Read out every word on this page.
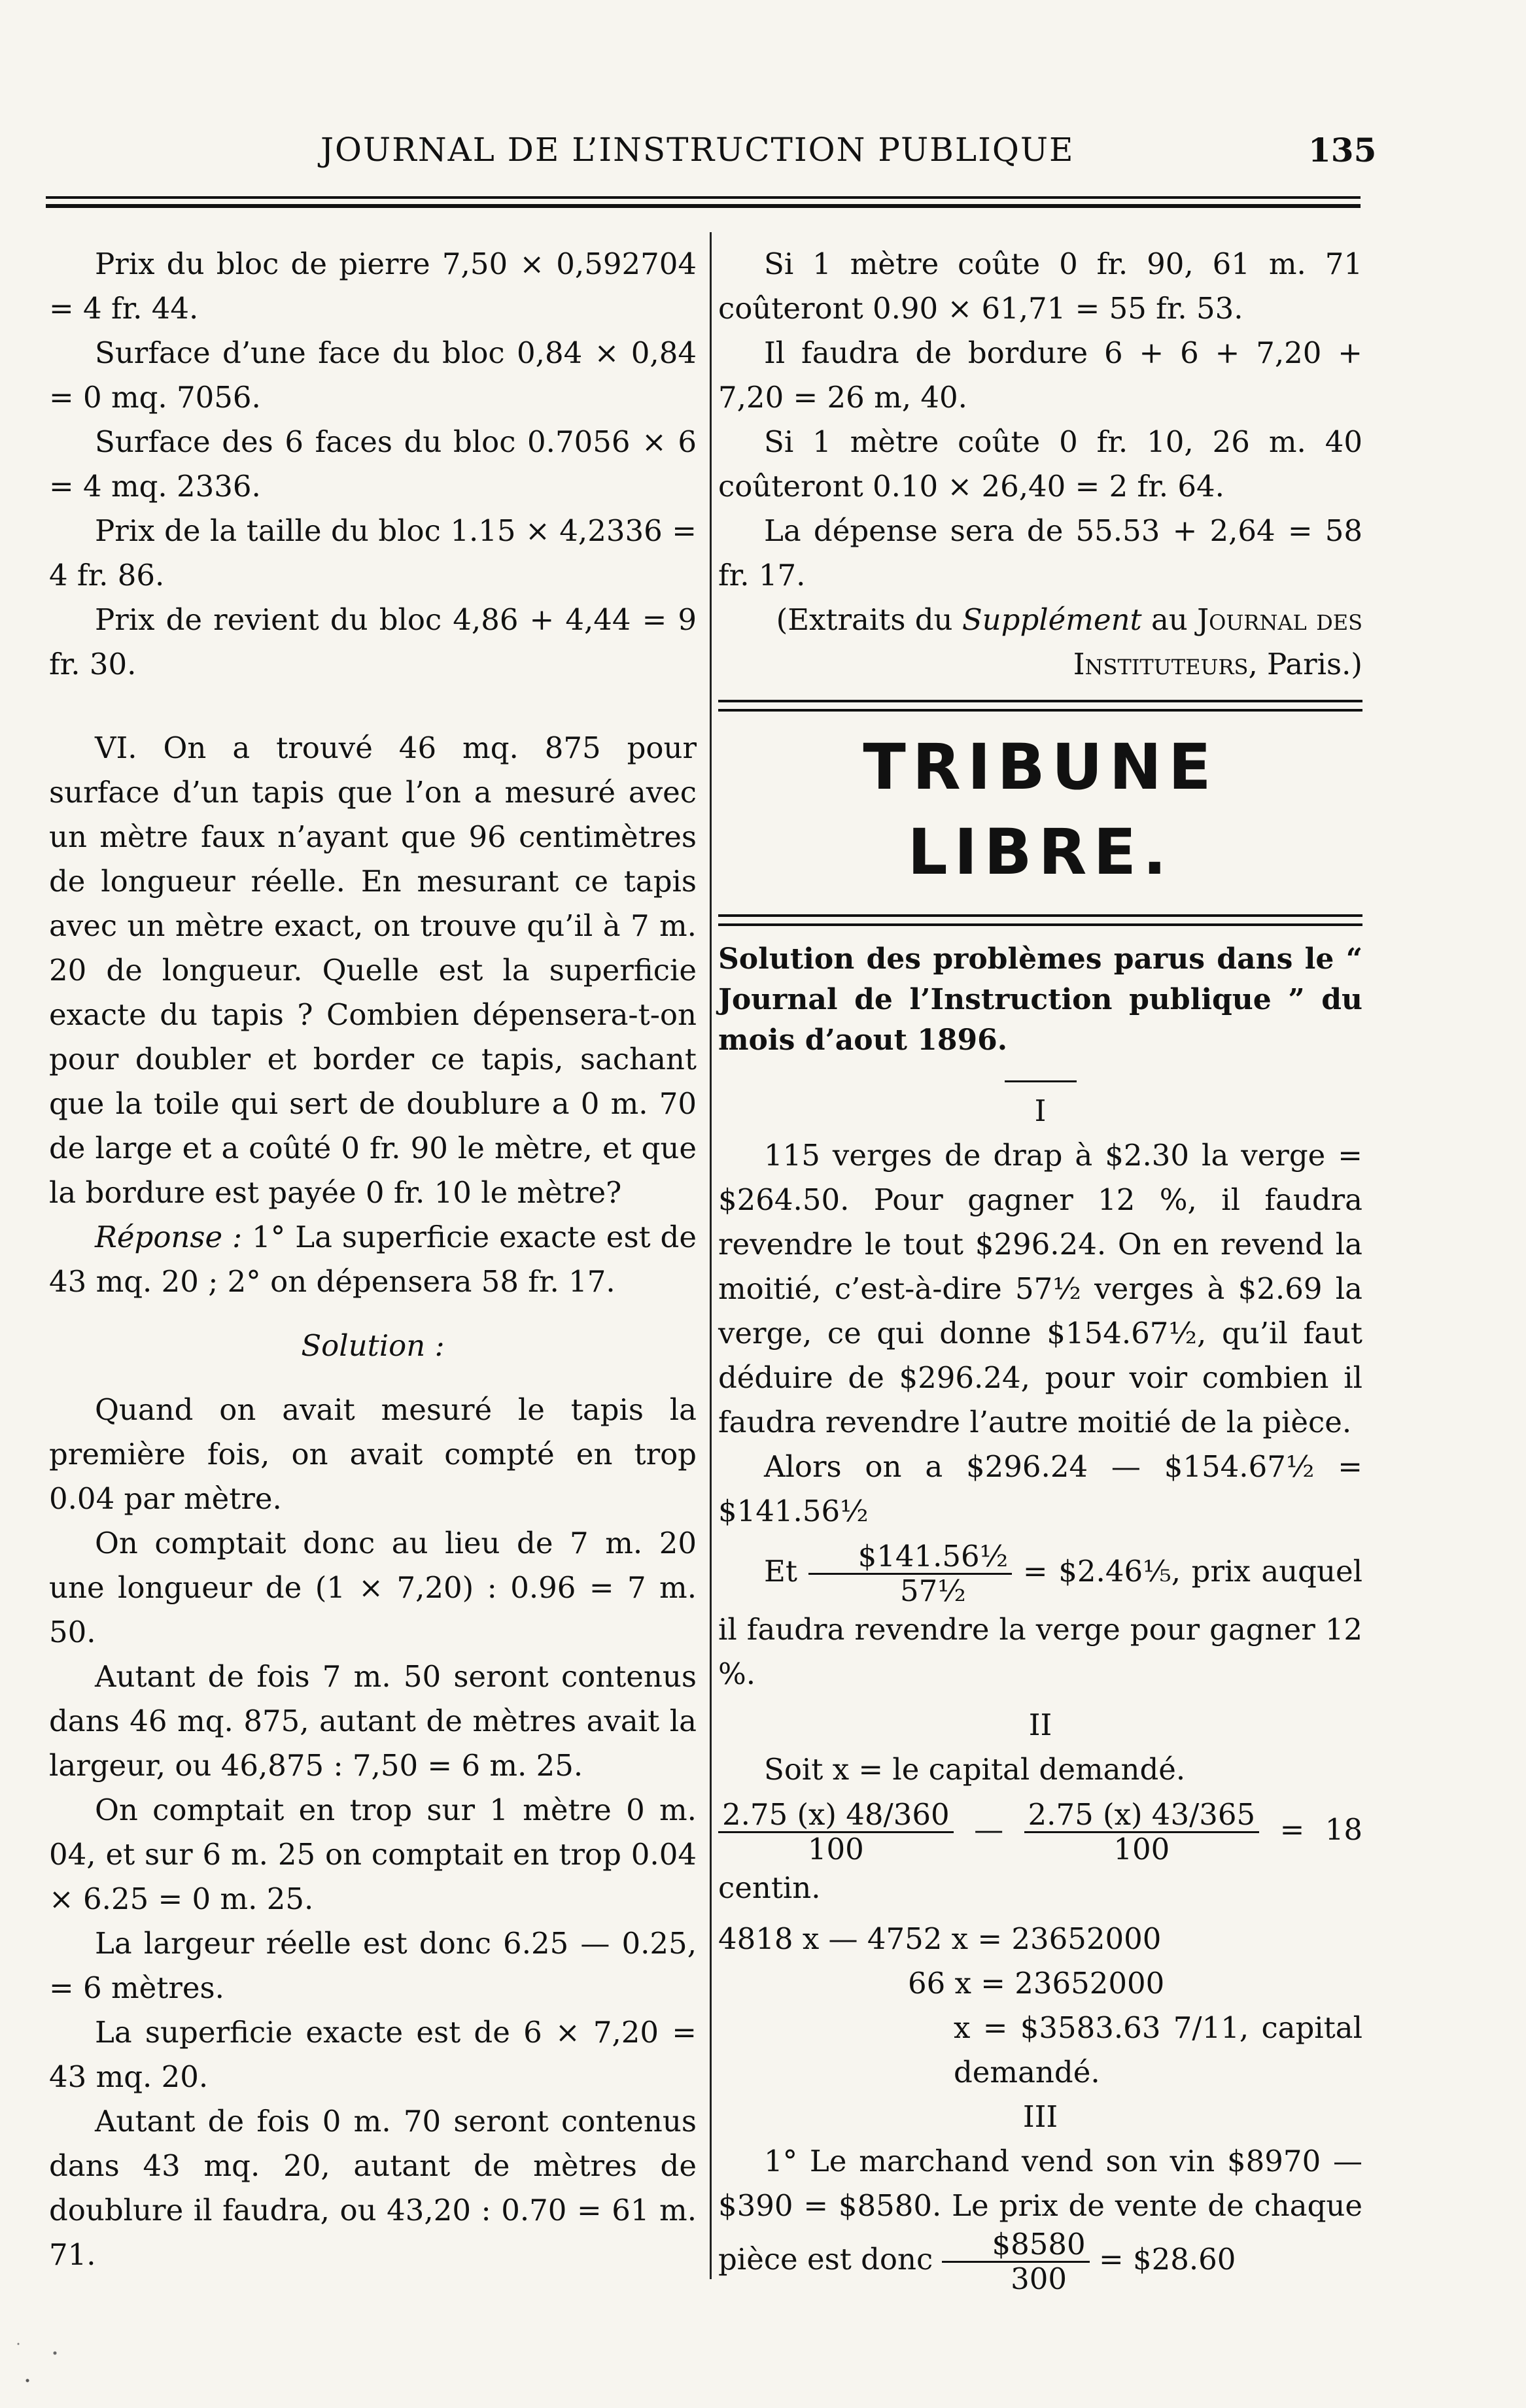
JOURNAL DE L’INSTRUCTION PUBLIQUE	135

Prix du bloc de pierre 7,50 × 0,592704 = 4 fr. 44.

Surface d’une face du bloc 0,84 × 0,84 = 0 mq. 7056.

Surface des 6 faces du bloc 0.7056 × 6 = 4 mq. 2336.

Prix de la taille du bloc 1.15 × 4,2336 = 4 fr. 86.

Prix de revient du bloc 4,86 + 4,44 = 9 fr. 30.

VI. On a trouvé 46 mq. 875 pour surface d’un tapis que l’on a mesuré avec un mètre faux n’ayant que 96 centimètres de longueur réelle. En mesurant ce tapis avec un mètre exact, on trouve qu’il à 7 m. 20 de longueur. Quelle est la superficie exacte du tapis ? Combien dépensera-t-on pour doubler et border ce tapis, sachant que la toile qui sert de doublure a 0 m. 70 de large et a coûté 0 fr. 90 le mètre, et que la bordure est payée 0 fr. 10 le mètre?

Réponse : 1° La superficie exacte est de 43 mq. 20 ; 2° on dépensera 58 fr. 17.

Solution :

Quand on avait mesuré le tapis la première fois, on avait compté en trop 0.04 par mètre.

On comptait donc au lieu de 7 m. 20 une longueur de (1 × 7,20) : 0.96 = 7 m. 50.

Autant de fois 7 m. 50 seront contenus dans 46 mq. 875, autant de mètres avait la largeur, ou 46,875 : 7,50 = 6 m. 25.

On comptait en trop sur 1 mètre 0 m. 04, et sur 6 m. 25 on comptait en trop 0.04 × 6.25 = 0 m. 25.

La largeur réelle est donc 6.25 — 0.25, = 6 mètres.

La superficie exacte est de 6 × 7,20 = 43 mq. 20.

Autant de fois 0 m. 70 seront contenus dans 43 mq. 20, autant de mètres de doublure il faudra, ou 43,20 : 0.70 = 61 m. 71.

Si 1 mètre coûte 0 fr. 90, 61 m. 71 coûteront 0.90 × 61,71 = 55 fr. 53.

Il faudra de bordure 6 + 6 + 7,20 + 7,20 = 26 m, 40.

Si 1 mètre coûte 0 fr. 10, 26 m. 40 coûteront 0.10 × 26,40 = 2 fr. 64.

La dépense sera de 55.53 + 2,64 = 58 fr. 17.

(Extraits du Supplément au Journal des Instituteurs, Paris.)

TRIBUNE LIBRE.

Solution des problèmes parus dans le “ Journal de l’Instruction publique ” du mois d’aout 1896.

I

115 verges de drap à $2.30 la verge = $264.50. Pour gagner 12 %, il faudra revendre le tout $296.24. On en revend la moitié, c’est-à-dire 57½ verges à $2.69 la verge, ce qui donne $154.67½, qu’il faut déduire de $296.24, pour voir combien il faudra revendre l’autre moitié de la pièce.

Alors on a $296.24 — $154.67½ = $141.56½

Et $\frac{\text{\$141.56½}}{\text{57½}}$ = $2.46⅕, prix auquel il faudra revendre la verge pour gagner 12 %.

II

Soit x = le capital demandé.

$\frac{2.75 (x) 48/360}{100}$ — $\frac{2.75 (x) 43/365}{100} = 18$ centin.

4818 x — 4752 x = 23652000

66 x = 23652000

x = $3583.63 7/11, capital demandé.

III

1° Le marchand vend son vin $8970 — $390 = $8580. Le prix de vente de chaque pièce est donc $\frac{\$8580}{300}$ = $28.60
